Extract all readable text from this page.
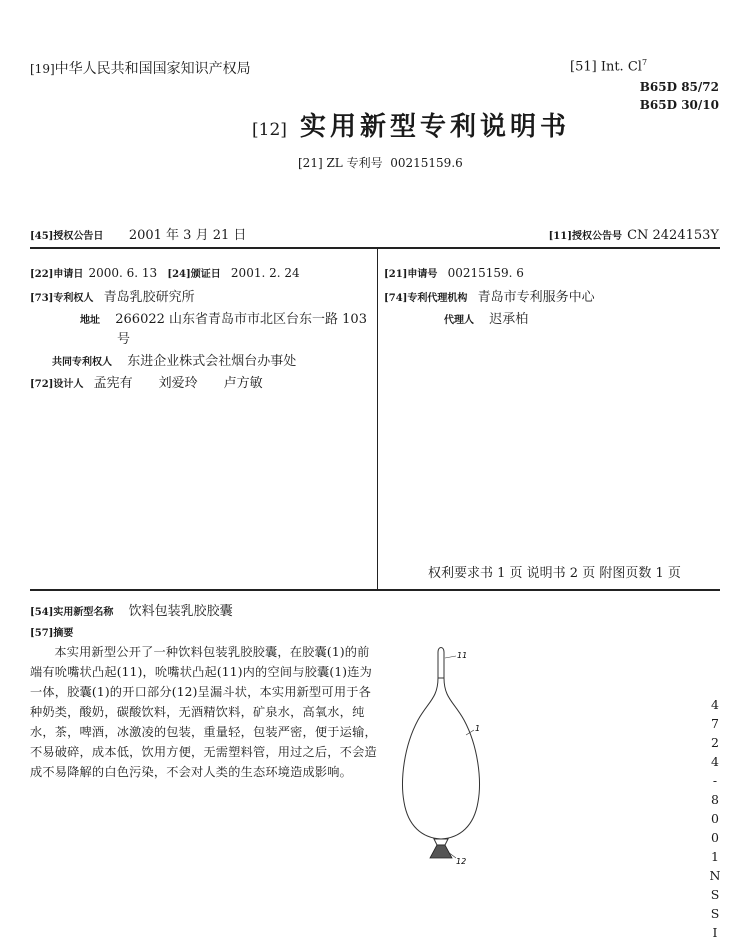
[19]中华人民共和国国家知识产权局	[51] Int. Cl$^7$
B65D 85/72
B65D 30/10
[12] 实用新型专利说明书
[21] ZL 专利号 00215159.6
[45]授权公告日 2001 年 3 月 21 日	[11]授权公告号 CN 2424153Y
[22]申请日 2000. 6. 13 [24]颁证日 2001. 2. 24
[73]专利权人 青岛乳胶研究所
地址 266022 山东省青岛市市北区台东一路 103
号
共同专利权人 东进企业株式会社烟台办事处
[72]设计人 孟宪有　　刘爱玲　　卢方敏
[21]申请号 00215159. 6
[74]专利代理机构 青岛市专利服务中心
代理人 迟承柏
权利要求书 1 页 说明书 2 页 附图页数 1 页
[54]实用新型名称 饮料包装乳胶胶囊
[57]摘要
本实用新型公开了一种饮料包装乳胶胶囊，在胶囊(1)的前端有吮嘴状凸起(11)，吮嘴状凸起(11)内的空间与胶囊(1)连为一体，胶囊(1)的开口部分(12)呈漏斗状，本实用新型可用于各种奶类，酸奶，碳酸饮料，无酒精饮料，矿泉水，高氧水，纯水，茶，啤酒，冰激凌的包装，重量轻，包装严密，便于运输，不易破碎，成本低，饮用方便，无需塑料管，用过之后，不会造成不易降解的白色污染，不会对人类的生态环境造成影响。
11
1
12
4
7
2
4
-
8
0
0
1
N
S
S
I
